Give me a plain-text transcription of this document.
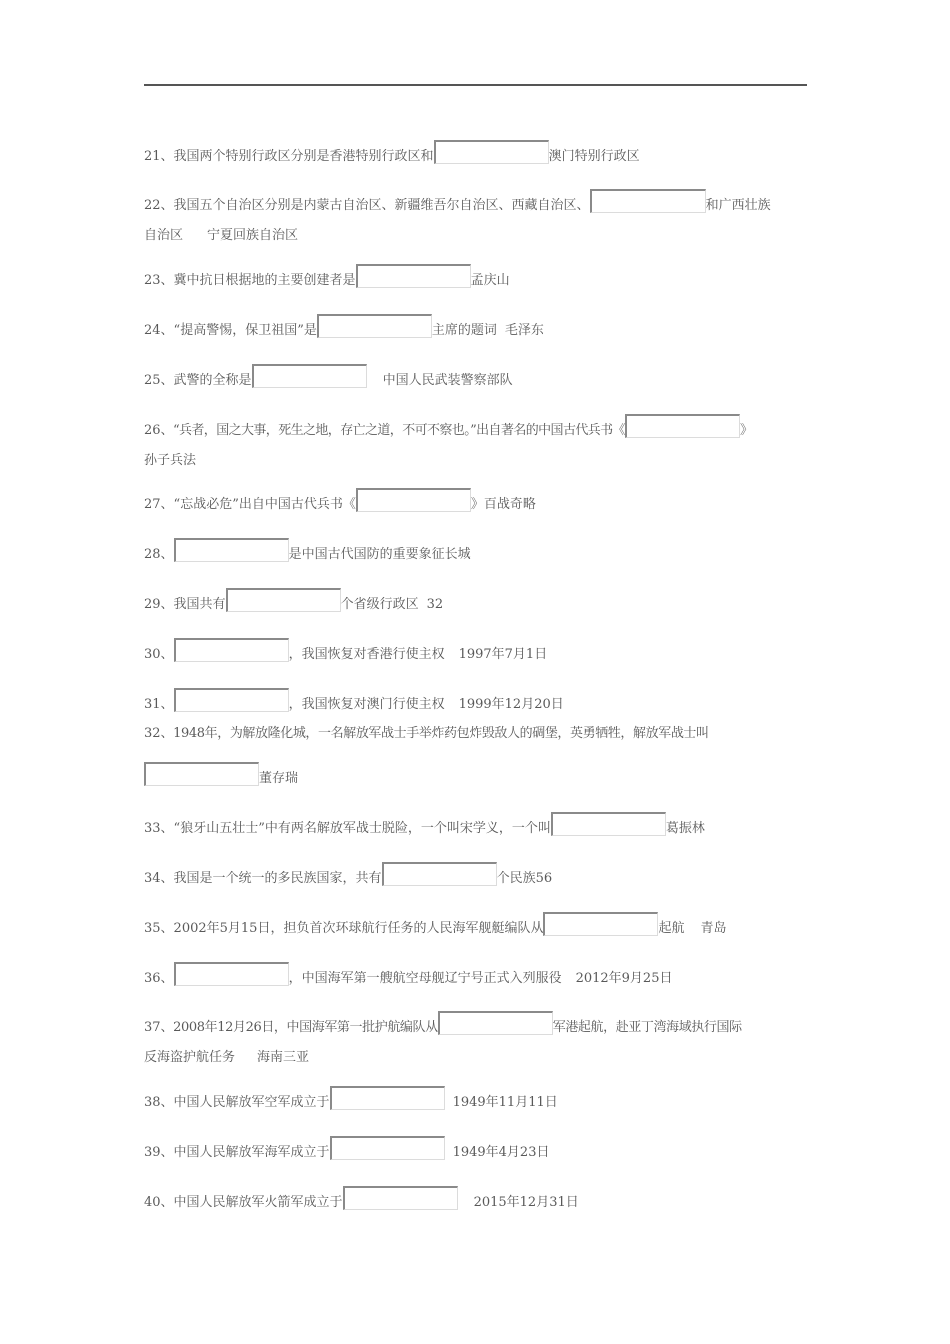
21、我国两个特别行政区分别是香港特别行政区和	澳门特别行政区
22、我国五个自治区分别是内蒙古自治区、新疆维吾尔自治区、西藏自治区、	和广西壮族
自治区 宁夏回族自治区
23、冀中抗日根据地的主要创建者是	孟庆山
24、“提高警惕，保卫祖国”是	主席的题词 毛泽东
25、武警的全称是	中国人民武装警察部队
26、“兵者，国之大事，死生之地，存亡之道，不可不察也。”出自著名的中国古代兵书《	》
孙子兵法
27、“忘战必危”出自中国古代兵书《	》百战奇略
28、	是中国古代国防的重要象征长城
29、我国共有	个省级行政区 32
30、	，我国恢复对香港行使主权 1997年7月1日
31、	，我国恢复对澳门行使主权 1999年12月20日
32、1948年，为解放隆化城，一名解放军战士手举炸药包炸毁敌人的碉堡，英勇牺牲，解放军战士叫
董存瑞
33、“狼牙山五壮士”中有两名解放军战士脱险，一个叫宋学义，一个叫	葛振林
34、我国是一个统一的多民族国家，共有	个民族56
35、2002年5月15日，担负首次环球航行任务的人民海军舰艇编队从	起航 青岛
36、	，中国海军第一艘航空母舰辽宁号正式入列服役 2012年9月25日
37、2008年12月26日，中国海军第一批护航编队从	军港起航，赴亚丁湾海域执行国际
反海盗护航任务 海南三亚
38、中国人民解放军空军成立于	1949年11月11日
39、中国人民解放军海军成立于	1949年4月23日
40、中国人民解放军火箭军成立于	2015年12月31日
